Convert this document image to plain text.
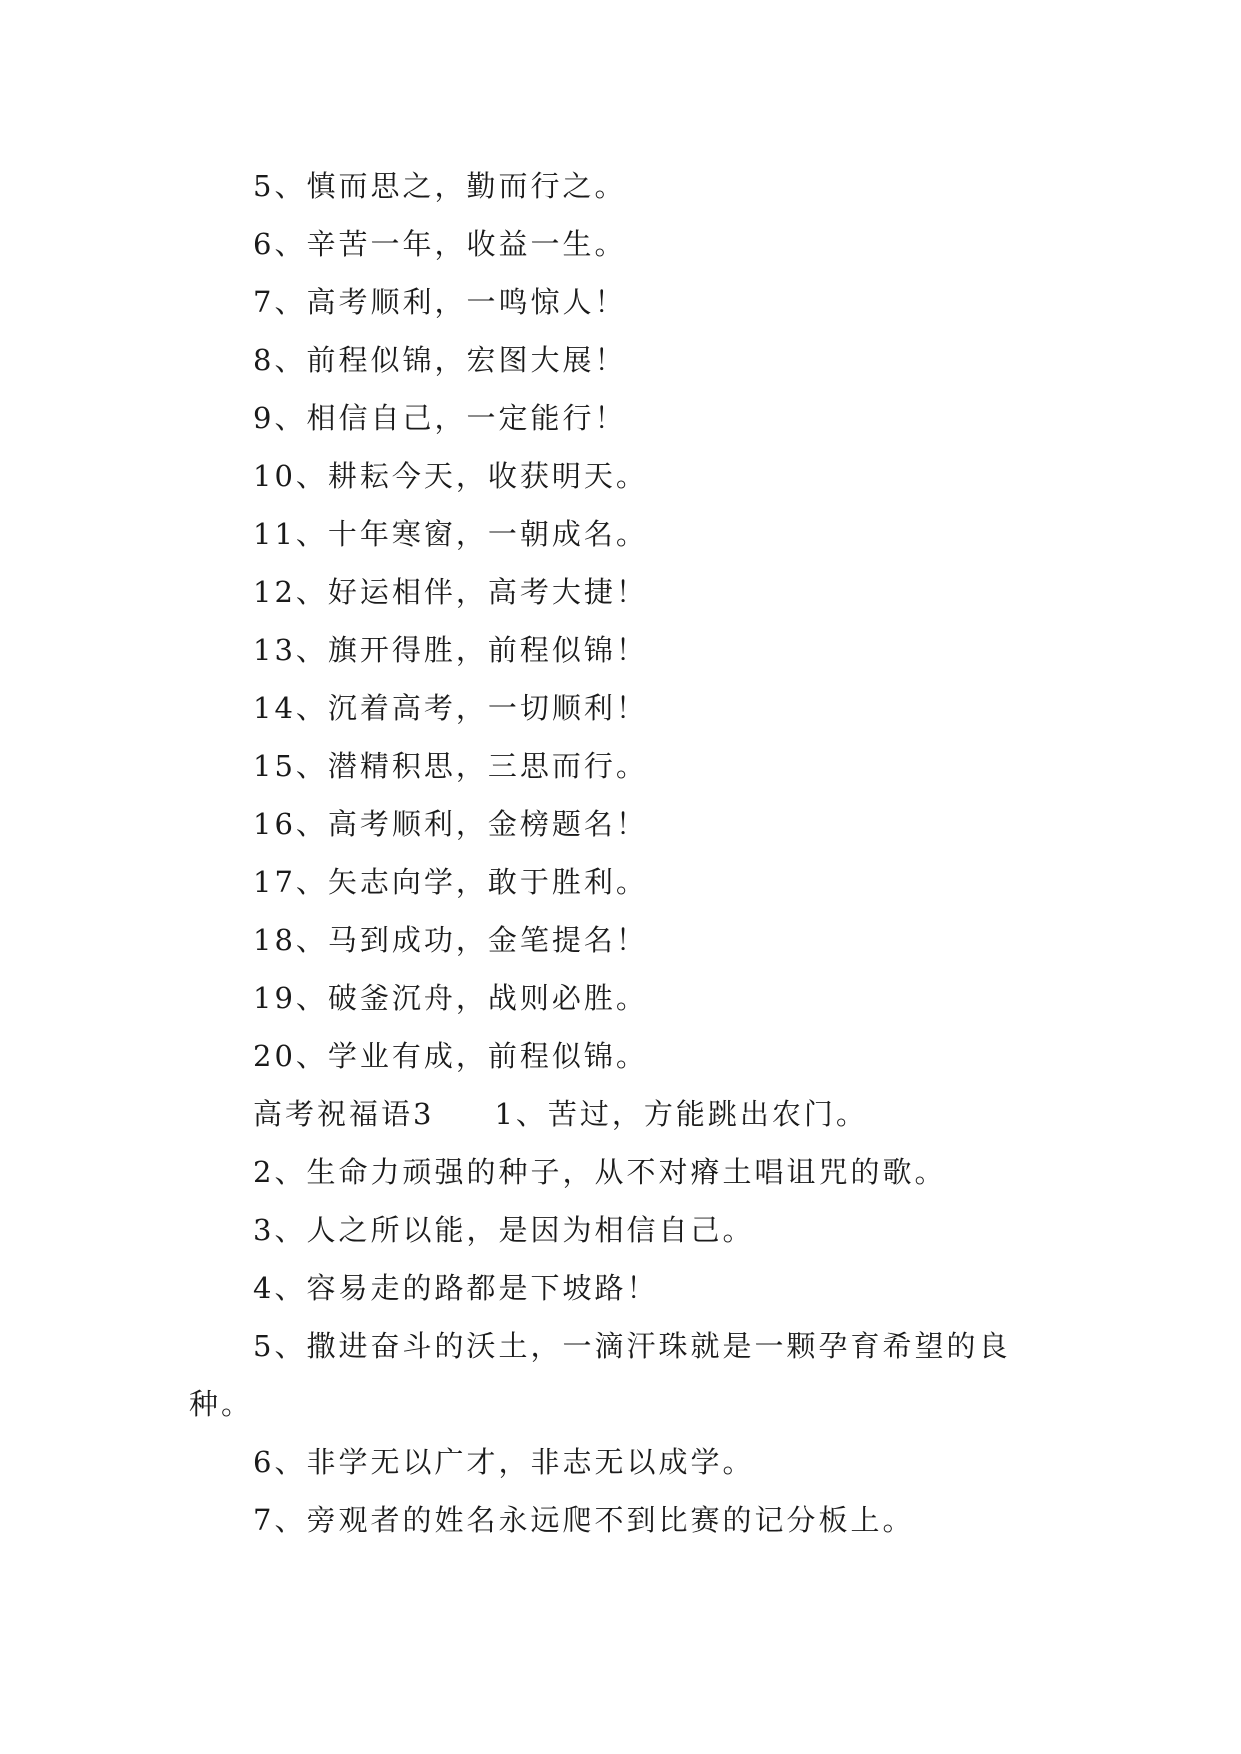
5、慎而思之，勤而行之。
6、辛苦一年，收益一生。
7、高考顺利，一鸣惊人！
8、前程似锦，宏图大展！
9、相信自己，一定能行！
10、耕耘今天，收获明天。
11、十年寒窗，一朝成名。
12、好运相伴，高考大捷！
13、旗开得胜，前程似锦！
14、沉着高考，一切顺利！
15、潜精积思，三思而行。
16、高考顺利，金榜题名！
17、矢志向学，敢于胜利。
18、马到成功，金笔提名！
19、破釜沉舟，战则必胜。
20、学业有成，前程似锦。
高考祝福语3 1、苦过，方能跳出农门。
2、生命力顽强的种子，从不对瘠土唱诅咒的歌。
3、人之所以能，是因为相信自己。
4、容易走的路都是下坡路！
5、撒进奋斗的沃土，一滴汗珠就是一颗孕育希望的良种。
6、非学无以广才，非志无以成学。
7、旁观者的姓名永远爬不到比赛的记分板上。
